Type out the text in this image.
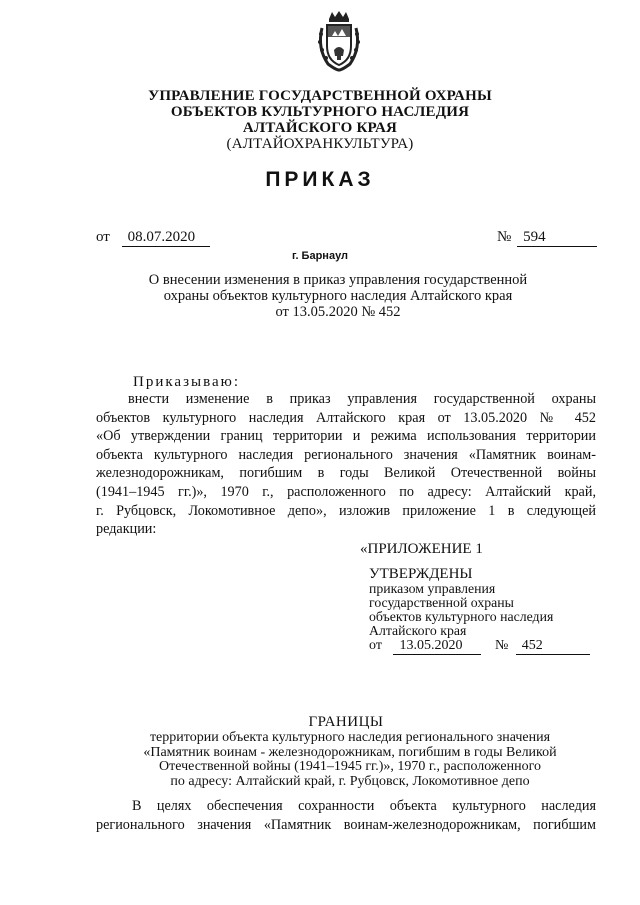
УПРАВЛЕНИЕ ГОСУДАРСТВЕННОЙ ОХРАНЫ
ОБЪЕКТОВ КУЛЬТУРНОГО НАСЛЕДИЯ
АЛТАЙСКОГО КРАЯ
(АЛТАЙОХРАНКУЛЬТУРА)
ПРИКАЗ
от 08.07.2020	№ 594
г. Барнаул
О внесении изменения в приказ управления государственной
охраны объектов культурного наследия Алтайского края
от 13.05.2020 № 452
Приказываю:
внести изменение в приказ управления государственной охраны
объектов культурного наследия Алтайского края от 13.05.2020 № 452
«Об утверждении границ территории и режима использования территории
объекта культурного наследия регионального значения «Памятник воинам-
железнодорожникам, погибшим в годы Великой Отечественной войны
(1941–1945 гг.)», 1970 г., расположенного по адресу: Алтайский край,
г. Рубцовск, Локомотивное депо», изложив приложение 1 в следующей
редакции:
«ПРИЛОЖЕНИЕ 1
УТВЕРЖДЕНЫ
приказом управления
государственной охраны
объектов культурного наследия
Алтайского края
от 13.05.2020 № 452
ГРАНИЦЫ
территории объекта культурного наследия регионального значения
«Памятник воинам - железнодорожникам, погибшим в годы Великой
Отечественной войны (1941–1945 гг.)», 1970 г., расположенного
по адресу: Алтайский край, г. Рубцовск, Локомотивное депо
В целях обеспечения сохранности объекта культурного наследия
регионального значения «Памятник воинам-железнодорожникам, погибшим
